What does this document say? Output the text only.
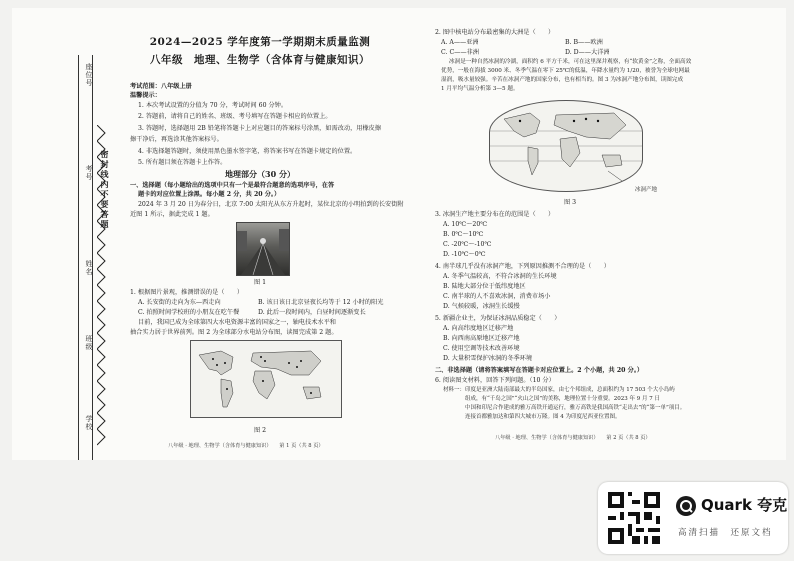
座位号
考号
姓名
班级
学校
密封线内不要答题
2024—2025 学年度第一学期期末质量监测
八年级　地理、生物学（含体育与健康知识）
考试范围：八年级上册
温馨提示：
1. 本次考试设置的分值为 70 分，考试时间 60 分钟。
2. 答题前，请将自己的姓名、班级、考号填写在答题卡相应的位置上。
3. 答题时，选择题用 2B 铅笔将答题卡上对应题目的答案标号涂黑，如需改动，用橡皮擦
擦干净后，再选涂其他答案标号。
4. 非选择题答题时，须使用黑色墨水签字笔，将答案书写在答题卡规定的位置。
5. 所有题目须在答题卡上作答。
地理部分（30 分）
一、选择题（每小题给出的选项中只有一个是最符合题意的选项序号，在答
题卡的对应位置上涂黑。每小题 2 分，共 20 分。）
2024 年 3 月 20 日为春分日，北京 7:00 太阳光从东方升起时，某位北京的小明拍到的长安街附
近图 1 所示，据此完成 1 题。
图 1
1. 根据图片景观，推测错误的是（　　）
A. 长安街的走向为东—西走向	B. 该日该日北京昼夜长均等于 12 小时的阳光
C. 拍照时间学校班的小朋友在吃午餐	D. 此后一段时间内，白昼时间逐渐变长
目前，我国已成为全球第四大水电资源丰富的国家之一，轴电技术水平和
抽合实力居于世界前列。图 2 为全球部分水电站分布图，读图完成第 2 题。
图 2
八年级 · 地理、生物学（含体育与健康知识）　　第 1 页（共 8 页）
2. 图中核电站分布最密集的大洲是（　　）
A. A——亚洲	B. B——欧洲
C. C——非洲	D. D——大洋洲
冰洞是一种自然冰洞的冷湖，面积约 6 平方千米，可在这里深井观察，有“软黄金”之称，全面高效
优势，一般在海拔 3000 米、冬季气温在零下 25℃的低温，年降水量约为 1/20，被誉为全球电网最
湿润，吸水量较强。辛苦在冰洞产地的国家分布，也有相当的。图 3 为冰洞产地分布图，读图完成
1 月平均气温分析第 3—5 题。
冰洞产地
图 3
3. 冰洞生产地主要分布在的范围是（　　）
A. 10℃～20℃
B. 0℃～10℃
C. -20℃～-10℃
D. -10℃～0℃
4. 南半球几乎没有冰洞产地，下列原因推测不合理的是（　　）
A. 冬季气温较高，不符合冰洞的生长环境
B. 陆地大部分位于低纬度地区
C. 南半球的人不喜欢冰洞，消费市场小
D. 气候较暖，冰洞生长缓慢
5. 新疆企业主，为保证冰洞品质稳定（　　）
A. 向高纬度地区迁移产地
B. 向西南高原地区迁移产地
C. 使用空调等技术改善环境
D. 大量积雪保护冰洞的冬季环境
二、非选择题（请将答案填写在答题卡对应位置上。2 个小题，共 20 分。）
6. 阅读图文材料，回答下列问题。（10 分）
材料一：印度是亚洲大陆南部最大的半岛国家，由七个邦组成，总面积约为 17 503 个大小岛屿
组成，有“千岛之国”“火山之国”的美称，地理位置十分重要。2023 年 9 月 7 日
中国和印尼合作建成的雅万高铁开通运行，雅万高铁是我国高铁“走出去”的“第一单”项目。
连接首都雅加达和第四大城市万隆。图 4 为印度尼西亚位置图。
八年级 · 地理、生物学（含体育与健康知识）　　第 2 页（共 8 页）
Quark 夸克
高清扫描　还原文档
